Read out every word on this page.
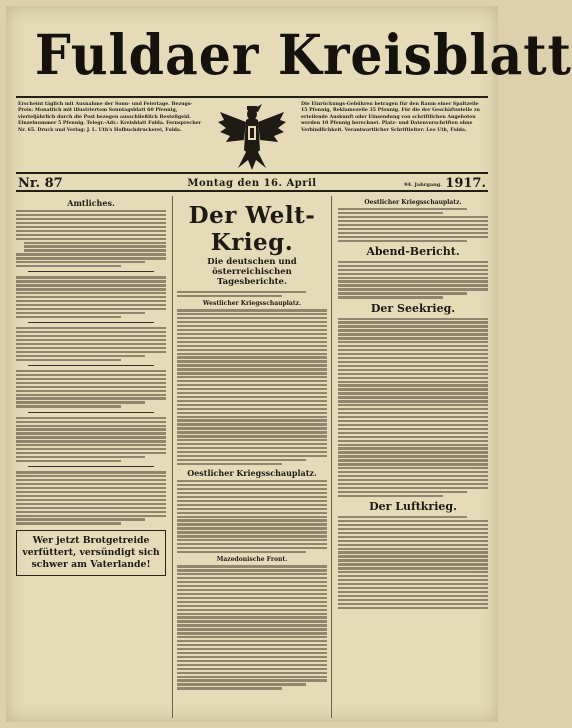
Fuldaer Kreisblatt
Erscheint täglich mit Ausnahme der Sonn- und Feiertage. Bezugs-Preis: Monatlich mit illustriertem Sonntagsblatt 60 Pfennig, vierteljährlich durch die Post bezogen ausschließlich Bestellgeld. Einzelnummer 5 Pfennig. Telegr.-Adr.: Kreisblatt Fulda. Fernsprecher Nr. 65. Druck und Verlag: J. L. Uth's Hofbuchdruckerei, Fulda.
Die Einrückungs-Gebühren betragen für den Raum einer Spaltzeile 15 Pfennig, Reklamezeile 35 Pfennig. Für die der Geschäftsstelle zu erteilende Auskunft oder Einsendung von schriftlichen Angeboten werden 10 Pfennig berechnet. Platz- und Datenvorschriften ohne Verbindlichkeit. Verantwortlicher Schriftleiter: Leo Uth, Fulda.
Nr. 87	Montag den 16. April	94. Jahrgang. 1917.
Amtliches.
Wer jetzt Brotgetreide verfüttert, versündigt sich schwer am Vaterlande!
Der Welt-Krieg.
Die deutschen und österreichischen Tagesberichte.
Westlicher Kriegsschauplatz.
Oestlicher Kriegsschauplatz.
Mazedonische Front.
Oestlicher Kriegsschauplatz.
Abend-Bericht.
Der Seekrieg.
Der Luftkrieg.
